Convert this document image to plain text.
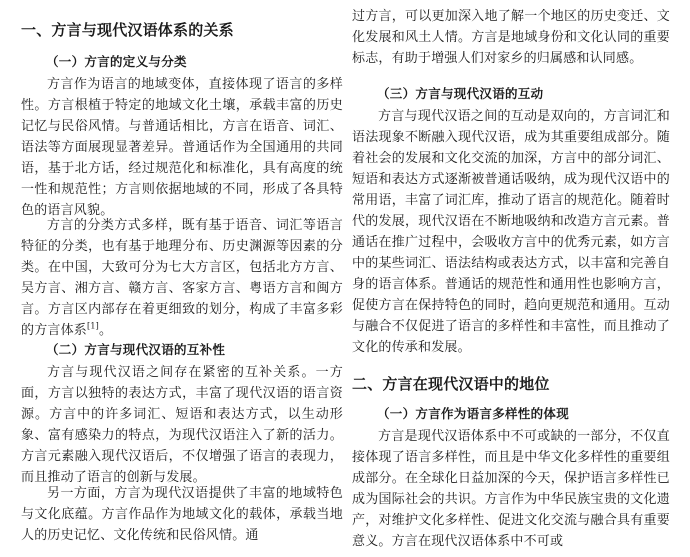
一、方言与现代汉语体系的关系
（一）方言的定义与分类

方言作为语言的地域变体，直接体现了语言的多样性。方言根植于特定的地域文化土壤，承载丰富的历史记忆与民俗风情。与普通话相比，方言在语音、词汇、语法等方面展现显著差异。普通话作为全国通用的共同语，基于北方话，经过规范化和标准化，具有高度的统一性和规范性；方言则依据地域的不同，形成了各具特色的语言风貌。

方言的分类方式多样，既有基于语音、词汇等语言特征的分类，也有基于地理分布、历史渊源等因素的分类。在中国，大致可分为七大方言区，包括北方方言、吴方言、湘方言、赣方言、客家方言、粤语方言和闽方言。方言区内部存在着更细致的划分，构成了丰富多彩的方言体系[1]。

（二）方言与现代汉语的互补性

方言与现代汉语之间存在紧密的互补关系。一方面，方言以独特的表达方式，丰富了现代汉语的语言资源。方言中的许多词汇、短语和表达方式，以生动形象、富有感染力的特点，为现代汉语注入了新的活力。方言元素融入现代汉语后，不仅增强了语言的表现力，而且推动了语言的创新与发展。

另一方面，方言为现代汉语提供了丰富的地域特色与文化底蕴。方言作品作为地域文化的载体，承载当地人的历史记忆、文化传统和民俗风情。通

过方言，可以更加深入地了解一个地区的历史变迁、文化发展和风土人情。方言是地域身份和文化认同的重要标志，有助于增强人们对家乡的归属感和认同感。

（三）方言与现代汉语的互动

方言与现代汉语之间的互动是双向的，方言词汇和语法现象不断融入现代汉语，成为其重要组成部分。随着社会的发展和文化交流的加深，方言中的部分词汇、短语和表达方式逐渐被普通话吸纳，成为现代汉语中的常用语，丰富了词汇库，推动了语言的规范化。随着时代的发展，现代汉语在不断地吸纳和改造方言元素。普通话在推广过程中，会吸收方言中的优秀元素，如方言中的某些词汇、语法结构或表达方式，以丰富和完善自身的语言体系。普通话的规范性和通用性也影响方言，促使方言在保持特色的同时，趋向更规范和通用。互动与融合不仅促进了语言的多样性和丰富性，而且推动了文化的传承和发展。

二、方言在现代汉语中的地位
（一）方言作为语言多样性的体现

方言是现代汉语体系中不可或缺的一部分，不仅直接体现了语言多样性，而且是中华文化多样性的重要组成部分。在全球化日益加深的今天，保护语言多样性已成为国际社会的共识。方言作为中华民族宝贵的文化遗产，对维护文化多样性、促进文化交流与融合具有重要意义。方言在现代汉语体系中不可或
